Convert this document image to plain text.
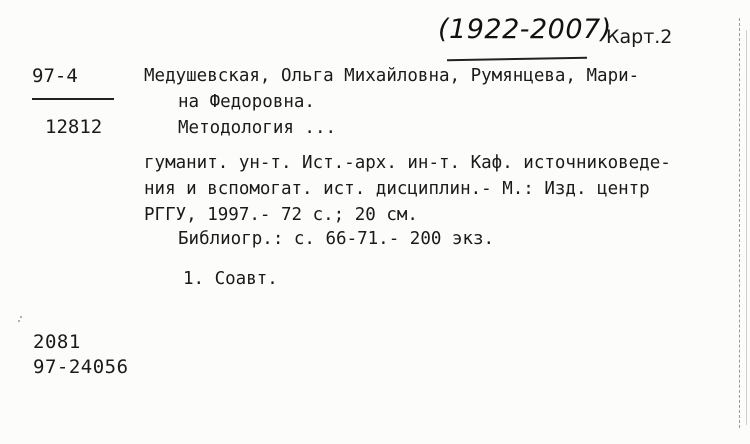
(1922-2007)
Карт.2
97-4
12812
Медушевская, Ольга Михайловна, Румянцева, Мари-
на Федоровна.
Методология ...
гуманит. ун-т. Ист.-арх. ин-т. Каф. источниковеде-
ния и вспомогат. ист. дисциплин.- М.: Изд. центр
РГГУ, 1997.- 72 с.; 20 см.
Библиогр.: с. 66-71.- 200 экз.
1. Соавт.
2081
97-24056
